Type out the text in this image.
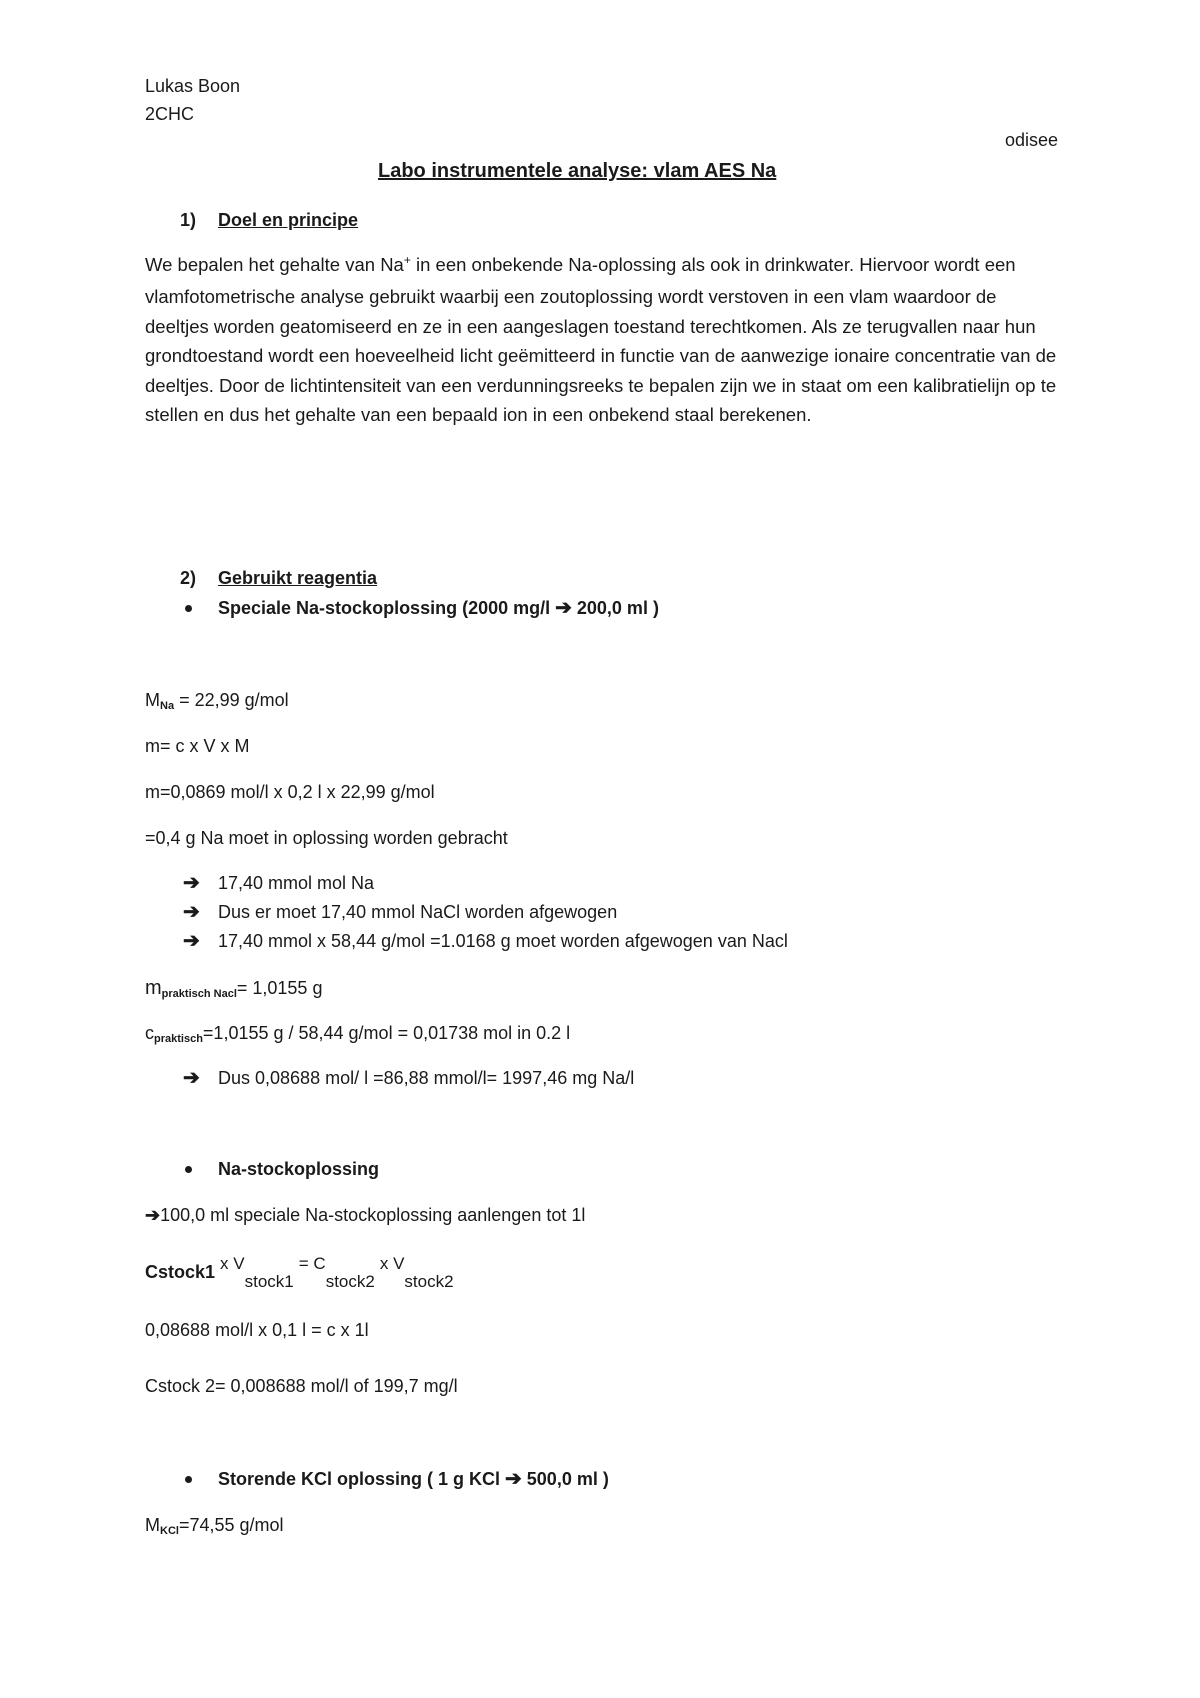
Lukas Boon
2CHC
odisee
Labo instrumentele analyse: vlam AES Na
1) Doel en principe
We bepalen het gehalte van Na+ in een onbekende Na-oplossing als ook in drinkwater. Hiervoor wordt een vlamfotometrische analyse gebruikt waarbij een zoutoplossing wordt verstoven in een vlam waardoor de deeltjes worden geatomiseerd en ze in een aangeslagen toestand terechtkomen. Als ze terugvallen naar hun grondtoestand wordt een hoeveelheid licht geëmitteerd in functie van de aanwezige ionaire concentratie van de deeltjes. Door de lichtintensiteit van een verdunningsreeks te bepalen zijn we in staat om een kalibratielijn op te stellen en dus het gehalte van een bepaald ion in een onbekend staal berekenen.
2) Gebruikt reagentia
Speciale Na-stockoplossing (2000 mg/l ➔ 200,0 ml )
MNa = 22,99 g/mol
m= c x V x M
m=0,0869 mol/l x 0,2 l x 22,99 g/mol
=0,4 g Na moet in oplossing worden gebracht
➔ 17,40 mmol mol Na
➔ Dus er moet 17,40 mmol NaCl worden afgewogen
➔ 17,40 mmol x 58,44 g/mol =1.0168 g moet worden afgewogen van Nacl
mpraktisch Nacl= 1,0155 g
cpraktisch=1,0155 g / 58,44 g/mol = 0,01738 mol in 0.2 l
➔ Dus 0,08688 mol/ l =86,88 mmol/l= 1997,46 mg Na/l
Na-stockoplossing
➔100,0 ml speciale Na-stockoplossing aanlengen tot 1l
Cstock1 x Vstock1 = Cstock2 x Vstock2
0,08688 mol/l x 0,1 l = c x 1l
Cstock 2= 0,008688 mol/l of 199,7 mg/l
Storende KCl oplossing ( 1 g KCl ➔ 500,0 ml )
MKCl=74,55 g/mol
